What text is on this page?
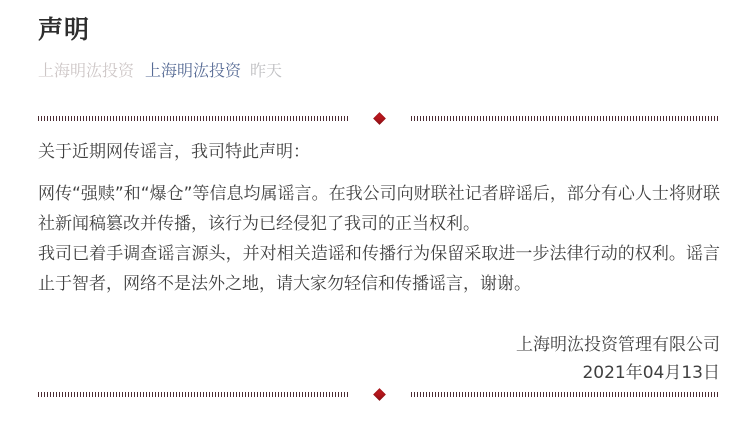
声明
上海明汯投资 上海明汯投资 昨天

关于近期网传谣言，我司特此声明：

网传“强赎”和“爆仓”等信息均属谣言。在我公司向财联社记者辟谣后，部分有心人士将财联社新闻稿篡改并传播，该行为已经侵犯了我司的正当权利。

我司已着手调查谣言源头，并对相关造谣和传播行为保留采取进一步法律行动的权利。谣言止于智者，网络不是法外之地，请大家勿轻信和传播谣言，谢谢。

上海明汯投资管理有限公司
2021年04月13日
